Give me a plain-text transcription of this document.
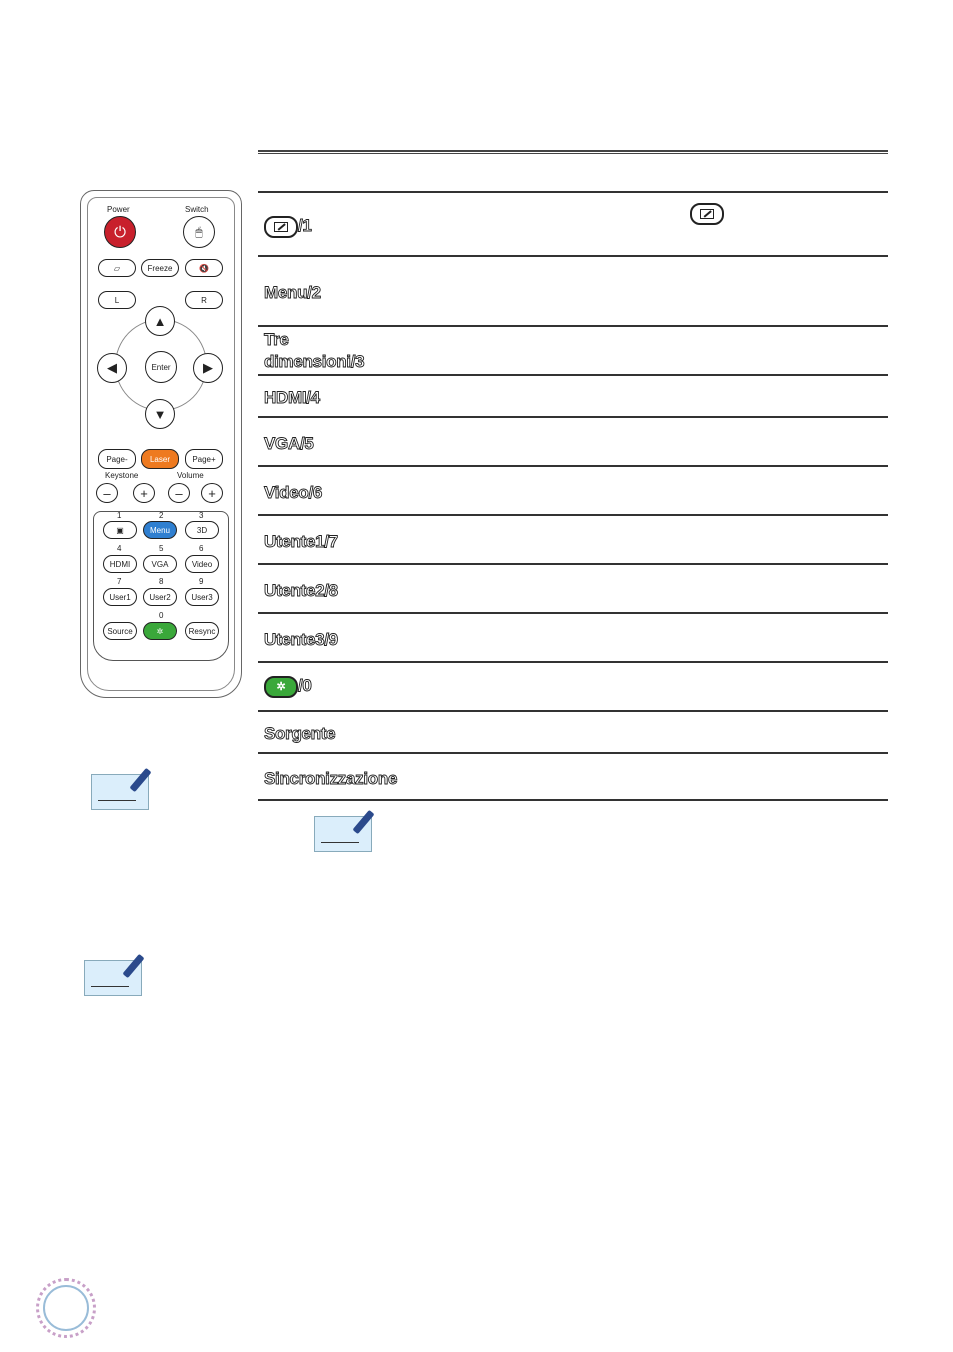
Power	Switch
⏻	🖱
▱	Freeze	🔇
L	R
▲
◀	Enter	▶
▼
Page-	Laser	Page+
Keystone	Volume
–	+	–	+
1	2	3
▣	Menu	3D
4	5	6
HDMI	VGA	Video
7	8	9
User1	User2	User3
0
Source	✲	Resync
/1
Menu/2
Tre
dimensioni/3
HDMI/4
VGA/5
Video/6
Utente1/7
Utente2/8
Utente3/9
✲ /0
Sorgente
Sincronizzazione
